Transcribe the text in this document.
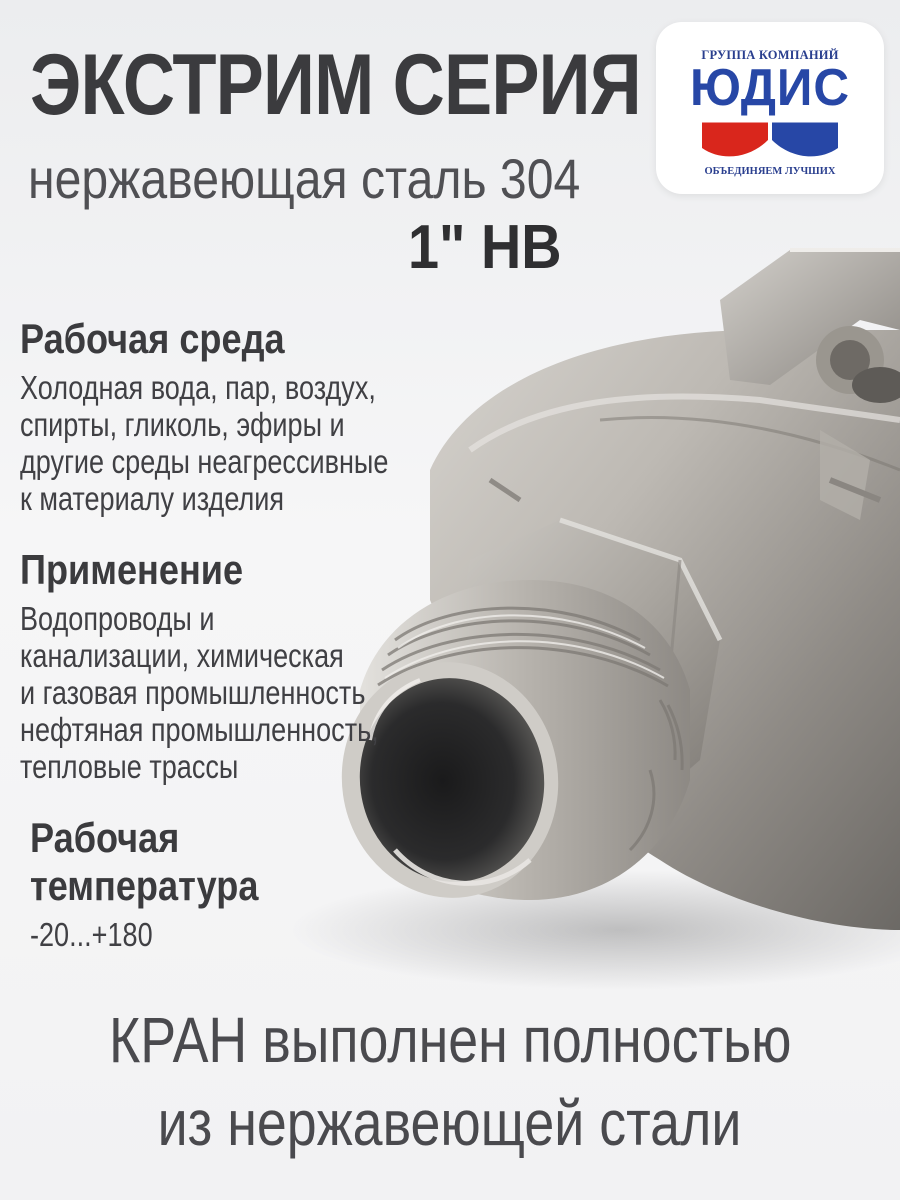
ЭКСТРИМ СЕРИЯ
нержавеющая сталь 304
1" НВ
ГРУППА КОМПАНИЙ
ЮДИС
ОБЪЕДИНЯЕМ ЛУЧШИХ
Рабочая среда
Холодная вода, пар, воздух,
спирты, гликоль, эфиры и
другие среды неагрессивные
к материалу изделия
Применение
Водопроводы и
канализации, химическая
и газовая промышленность
нефтяная промышленность,
тепловые трассы
Рабочая
температура
-20...+180
КРАН выполнен полностью
из нержавеющей стали
